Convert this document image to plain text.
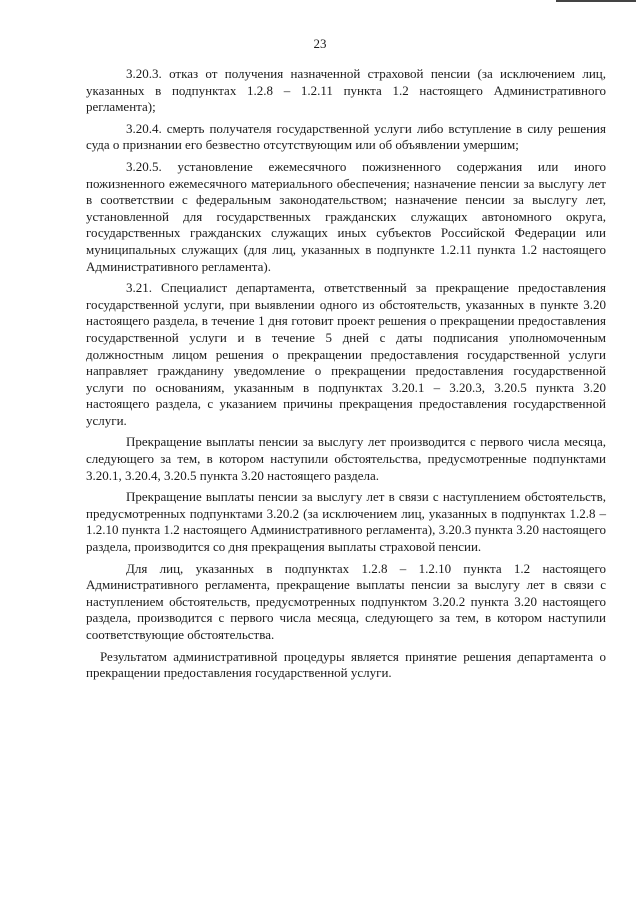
23

3.20.3. отказ от получения назначенной страховой пенсии (за исключением лиц, указанных в подпунктах 1.2.8 – 1.2.11 пункта 1.2 настоящего Административного регламента);

3.20.4. смерть получателя государственной услуги либо вступление в силу решения суда о признании его безвестно отсутствующим или об объявлении умершим;

3.20.5. установление ежемесячного пожизненного содержания или иного пожизненного ежемесячного материального обеспечения; назначение пенсии за выслугу лет в соответствии с федеральным законодательством; назначение пенсии за выслугу лет, установленной для государственных гражданских служащих автономного округа, государственных гражданских служащих иных субъектов Российской Федерации или муниципальных служащих (для лиц, указанных в подпункте 1.2.11 пункта 1.2 настоящего Административного регламента).

3.21. Специалист департамента, ответственный за прекращение предоставления государственной услуги, при выявлении одного из обстоятельств, указанных в пункте 3.20 настоящего раздела, в течение 1 дня готовит проект решения о прекращении предоставления государственной услуги и в течение 5 дней с даты подписания уполномоченным должностным лицом решения о прекращении предоставления государственной услуги направляет гражданину уведомление о прекращении предоставления государственной услуги по основаниям, указанным в подпунктах 3.20.1 – 3.20.3, 3.20.5 пункта 3.20 настоящего раздела, с указанием причины прекращения предоставления государственной услуги.

Прекращение выплаты пенсии за выслугу лет производится с первого числа месяца, следующего за тем, в котором наступили обстоятельства, предусмотренные подпунктами 3.20.1, 3.20.4, 3.20.5 пункта 3.20 настоящего раздела.

Прекращение выплаты пенсии за выслугу лет в связи с наступлением обстоятельств, предусмотренных подпунктами 3.20.2 (за исключением лиц, указанных в подпунктах 1.2.8 – 1.2.10 пункта 1.2 настоящего Административного регламента), 3.20.3 пункта 3.20 настоящего раздела, производится со дня прекращения выплаты страховой пенсии.

Для лиц, указанных в подпунктах 1.2.8 – 1.2.10 пункта 1.2 настоящего Административного регламента, прекращение выплаты пенсии за выслугу лет в связи с наступлением обстоятельств, предусмотренных подпунктом 3.20.2 пункта 3.20 настоящего раздела, производится с первого числа месяца, следующего за тем, в котором наступили соответствующие обстоятельства.

Результатом административной процедуры является принятие решения департамента о прекращении предоставления государственной услуги.
